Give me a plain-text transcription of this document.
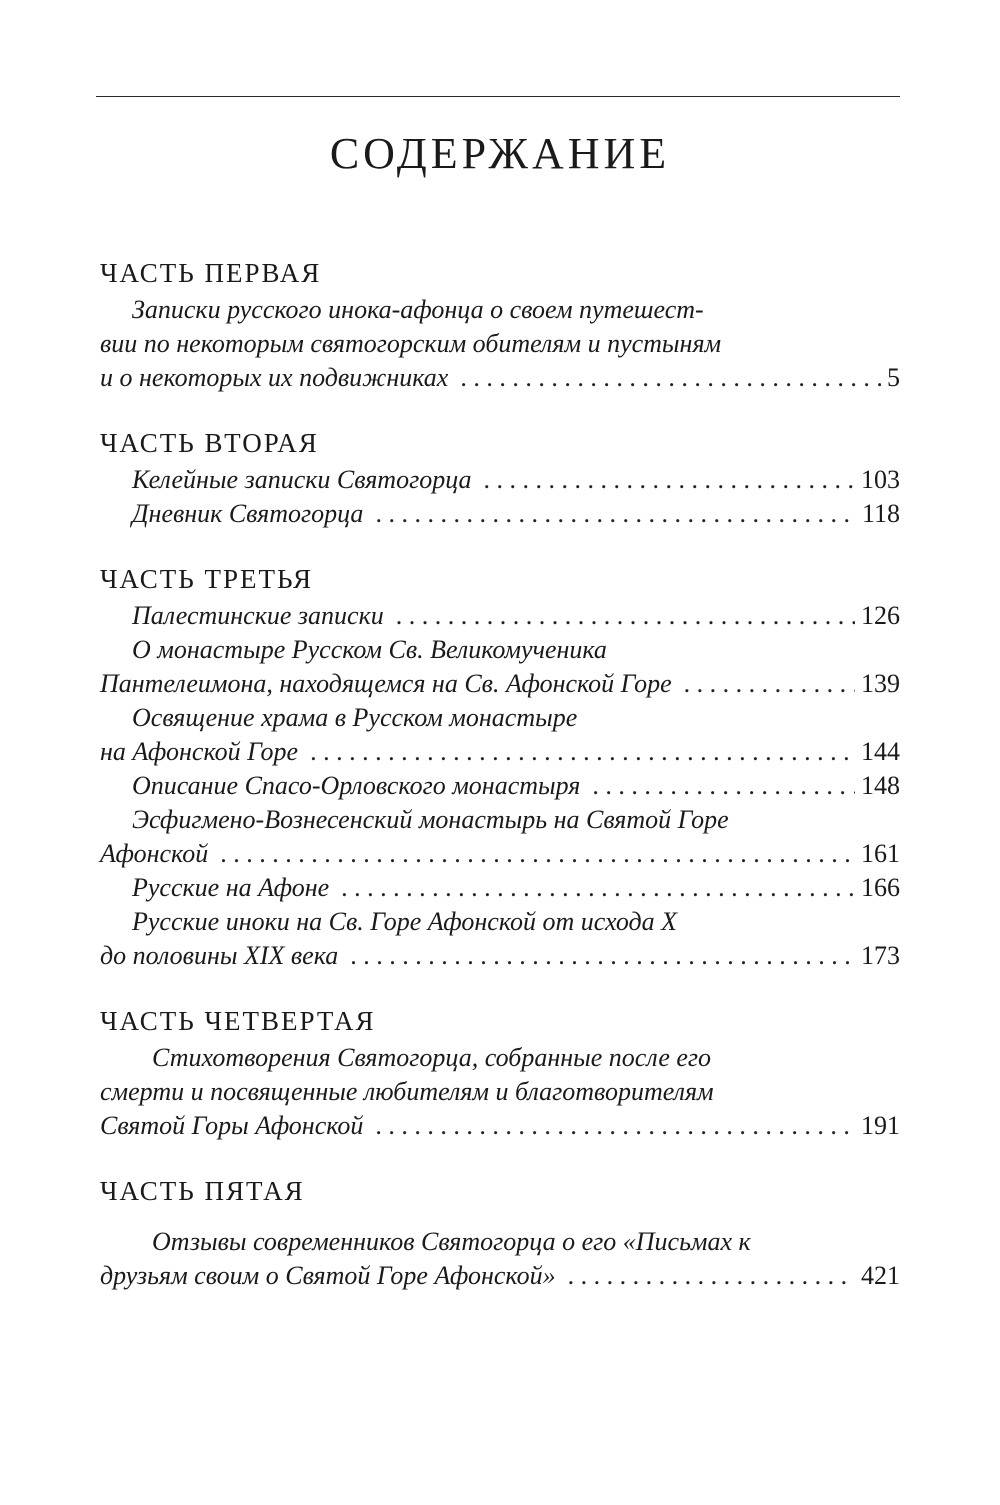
СОДЕРЖАНИЕ
ЧАСТЬ ПЕРВАЯ
Записки русского инока-афонца о своем путешест-
вии по некоторым святогорским обителям и пустыням
и о некоторых их подвижниках . . .	5
ЧАСТЬ ВТОРАЯ
Келейные записки Святогорца . . .	103
Дневник Святогорца . . .	118
ЧАСТЬ ТРЕТЬЯ
Палестинские записки . . .	126
О монастыре Русском Св. Великомученика
Пантелеимона, находящемся на Св. Афонской Горе . . .	139
Освящение храма в Русском монастыре
на Афонской Горе . . .	144
Описание Спасо-Орловского монастыря . . .	148
Эсфигмено-Вознесенский монастырь на Святой Горе
Афонской . . .	161
Русские на Афоне . . .	166
Русские иноки на Св. Горе Афонской от исхода X
до половины XIX века . . .	173
ЧАСТЬ ЧЕТВЕРТАЯ
Стихотворения Святогорца, собранные после его
смерти и посвященные любителям и благотворителям
Святой Горы Афонской . . .	191
ЧАСТЬ ПЯТАЯ
Отзывы современников Святогорца о его «Письмах к
друзьям своим о Святой Горе Афонской» . . .	421
